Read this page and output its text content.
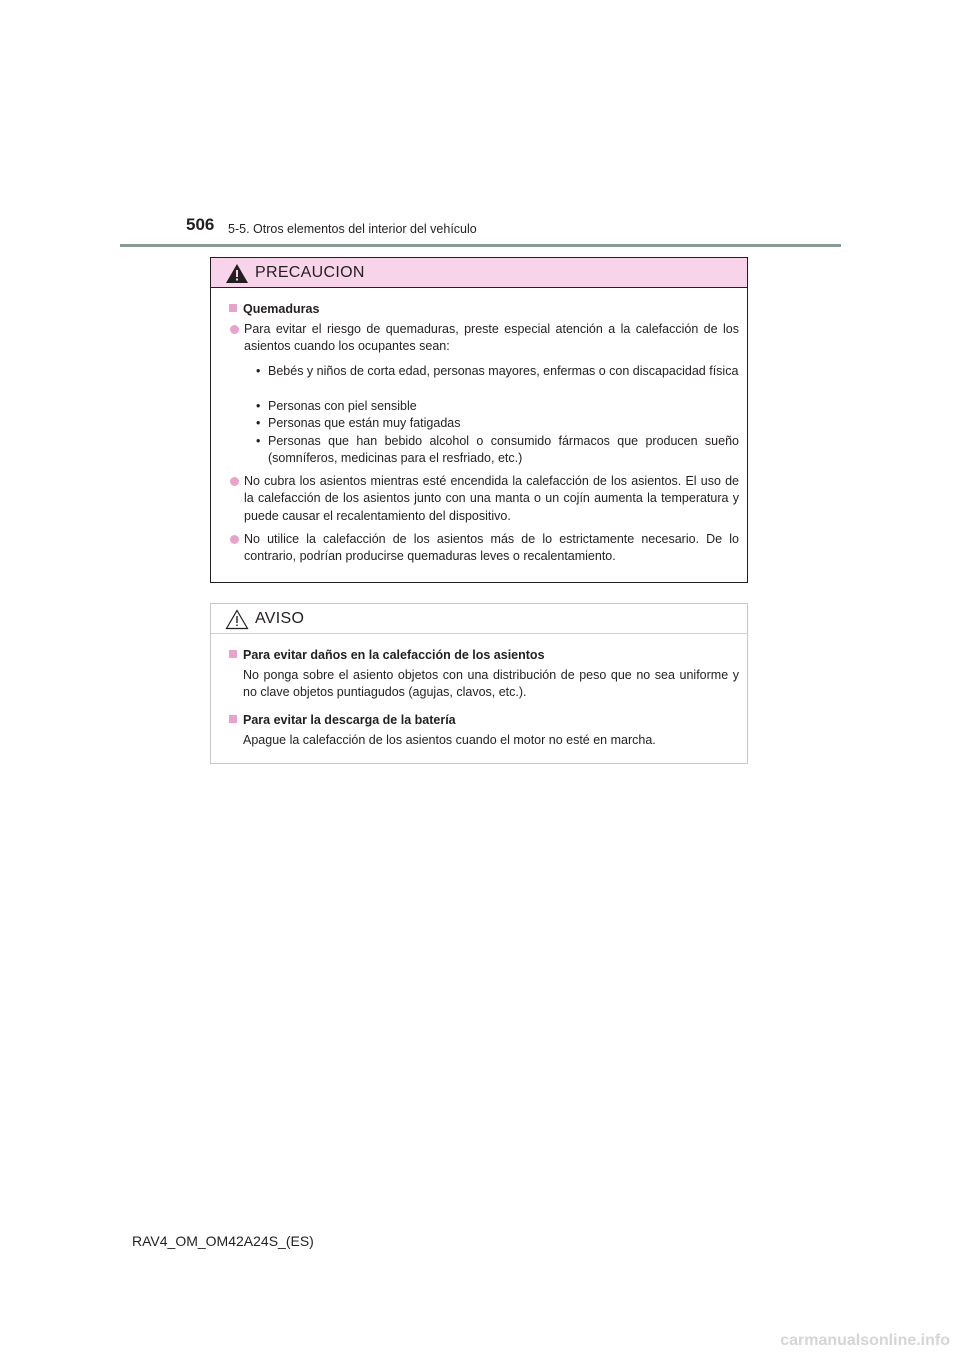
506 5-5. Otros elementos del interior del vehículo
PRECAUCION
Quemaduras
Para evitar el riesgo de quemaduras, preste especial atención a la calefacción de los asientos cuando los ocupantes sean:
• Bebés y niños de corta edad, personas mayores, enfermas o con discapacidad física
• Personas con piel sensible
• Personas que están muy fatigadas
• Personas que han bebido alcohol o consumido fármacos que producen sueño (somníferos, medicinas para el resfriado, etc.)
No cubra los asientos mientras esté encendida la calefacción de los asientos. El uso de la calefacción de los asientos junto con una manta o un cojín aumenta la temperatura y puede causar el recalentamiento del dispositivo.
No utilice la calefacción de los asientos más de lo estrictamente necesario. De lo contrario, podrían producirse quemaduras leves o recalentamiento.
AVISO
Para evitar daños en la calefacción de los asientos
No ponga sobre el asiento objetos con una distribución de peso que no sea uniforme y no clave objetos puntiagudos (agujas, clavos, etc.).
Para evitar la descarga de la batería
Apague la calefacción de los asientos cuando el motor no esté en marcha.
RAV4_OM_OM42A24S_(ES)
carmanualsonline.info
